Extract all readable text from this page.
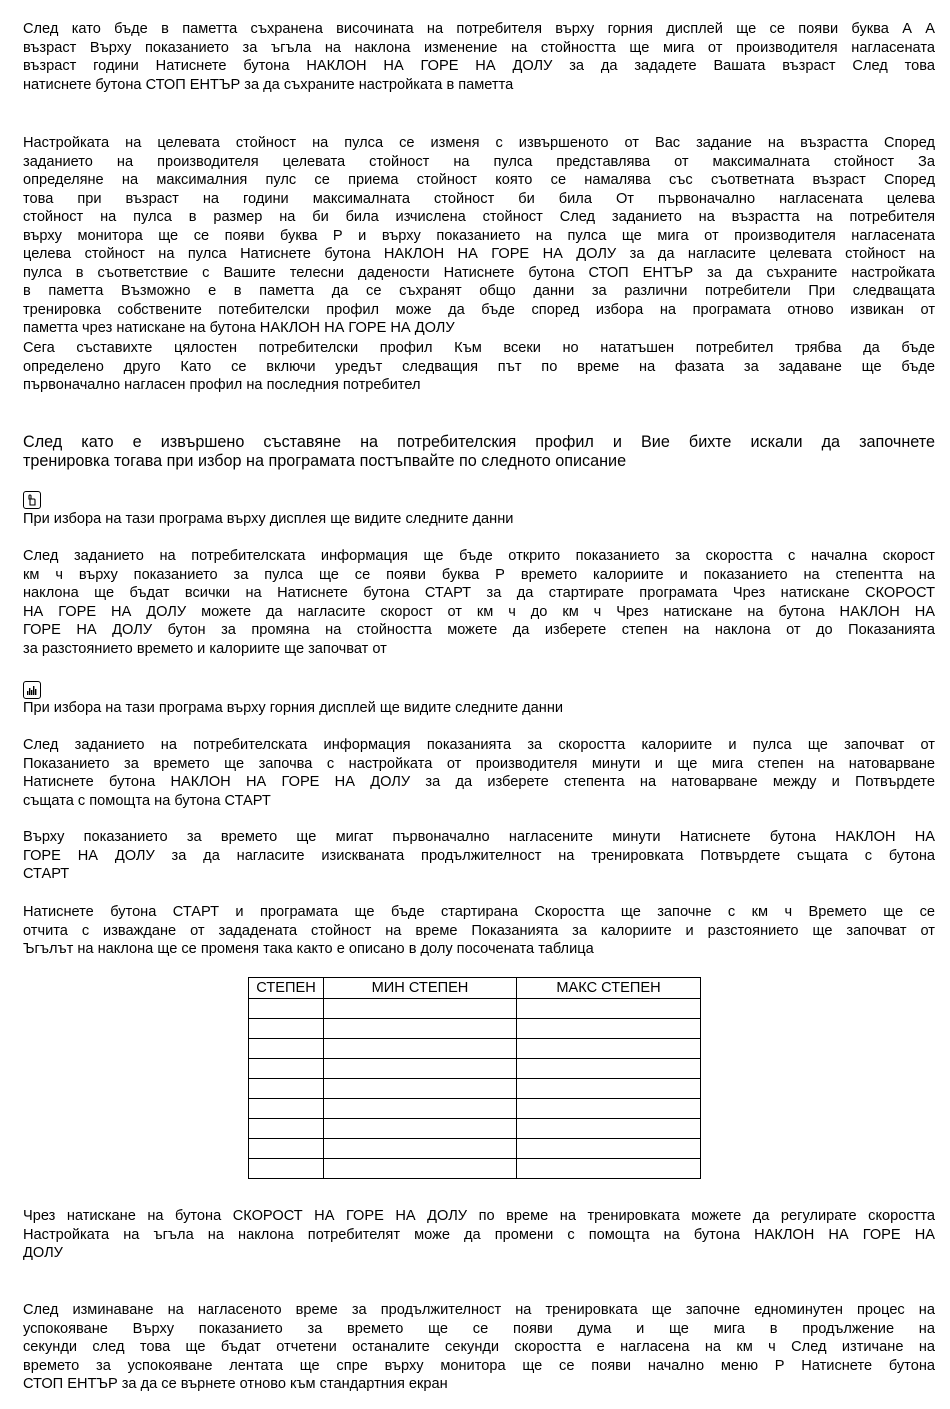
След като бъде в паметта съхранена височината на потребителя върху горния дисплей ще се появи буква А А
възраст Върху показанието за ъгъла на наклона изменение на стойността ще мига от производителя нагласената
възраст години Натиснете бутона НАКЛОН НА ГОРЕ НА ДОЛУ за да зададете Вашата възраст След това
натиснете бутона СТОП ЕНТЪР за да съхраните настройката в паметта
Настройката на целевата стойност на пулса се изменя с извършеното от Вас задание на възрастта Според
заданието на производителя целевата стойност на пулса представлява от максималната стойност За
определяне на максималния пулс се приема стойност която се намалява със съответната възраст Според
това при възраст на години максималната стойност би била От първоначално нагласената целева
стойност на пулса в размер на би била изчислена стойност След заданието на възрастта на потребителя
върху монитора ще се появи буква Р и върху показанието на пулса ще мига от производителя нагласената
целева стойност на пулса Натиснете бутона НАКЛОН НА ГОРЕ НА ДОЛУ за да нагласите целевата стойност на
пулса в съответствие с Вашите телесни дадености Натиснете бутона СТОП ЕНТЪР за да съхраните настройката
в паметта Възможно е в паметта да се съхранят общо данни за различни потребители При следващата
тренировка собствените потебителски профил може да бъде според избора на програмата отново извикан от
паметта чрез натискане на бутона НАКЛОН НА ГОРЕ НА ДОЛУ
Сега съставихте цялостен потребителски профил Към всеки но нататъшен потребител трябва да бъде
определено друго Като се включи уредът следващия път по време на фазата за задаване ще бъде
първоначално нагласен профил на последния потребител
След като е извършено съставяне на потребителския профил и Вие бихте искали да започнете
тренировка тогава при избор на програмата постъпвайте по следното описание
При избора на тази програма върху дисплея ще видите следните данни
След заданието на потребителската информация ще бъде открито показанието за скоростта с начална скорост
км ч върху показанието за пулса ще се появи буква Р времето калориите и показанието на степентта на
наклона ще бъдат всички на Натиснете бутона СТАРТ за да стартирате програмата Чрез натискане СКОРОСТ
НА ГОРЕ НА ДОЛУ можете да нагласите скорост от км ч до км ч Чрез натискане на бутона НАКЛОН НА
ГОРЕ НА ДОЛУ бутон за промяна на стойността можете да изберете степен на наклона от до Показанията
за разстоянието времето и калориите ще започват от
При избора на тази програма върху горния дисплей ще видите следните данни
След заданието на потребителската информация показанията за скоростта калориите и пулса ще започват от
Показанието за времето ще започва с настройката от производителя минути и ще мига степен на натоварване
Натиснете бутона НАКЛОН НА ГОРЕ НА ДОЛУ за да изберете степента на натоварване между и Потвърдете
същата с помощта на бутона СТАРТ
Върху показанието за времето ще мигат първоначално нагласените минути Натиснете бутона НАКЛОН НА
ГОРЕ НА ДОЛУ за да нагласите изискваната продължителност на тренировката Потвърдете същата с бутона
СТАРТ
Натиснете бутона СТАРТ и програмата ще бъде стартирана Скоростта ще започне с км ч Времето ще се
отчита с изваждане от зададената стойност на време Показанията за калориите и разстоянието ще започват от
Ъгълът на наклона ще се променя така както е описано в долу посочената таблица
СТЕПЕН	МИН СТЕПЕН	МАКС СТЕПЕН

Чрез натискане на бутона СКОРОСТ НА ГОРЕ НА ДОЛУ по време на тренировката можете да регулирате скоростта
Настройката на ъгъла на наклона потребителят може да промени с помощта на бутона НАКЛОН НА ГОРЕ НА
ДОЛУ
След изминаване на нагласеното време за продължителност на тренировката ще започне едноминутен процес на
успокояване Върху показанието за времето ще се появи дума и ще мига в продължение на
секунди след това ще бъдат отчетени останалите секунди скоростта е нагласена на км ч След изтичане на
времето за успокояване лентата ще спре върху монитора ще се появи начално меню Р Натиснете бутона
СТОП ЕНТЪР за да се върнете отново към стандартния екран
